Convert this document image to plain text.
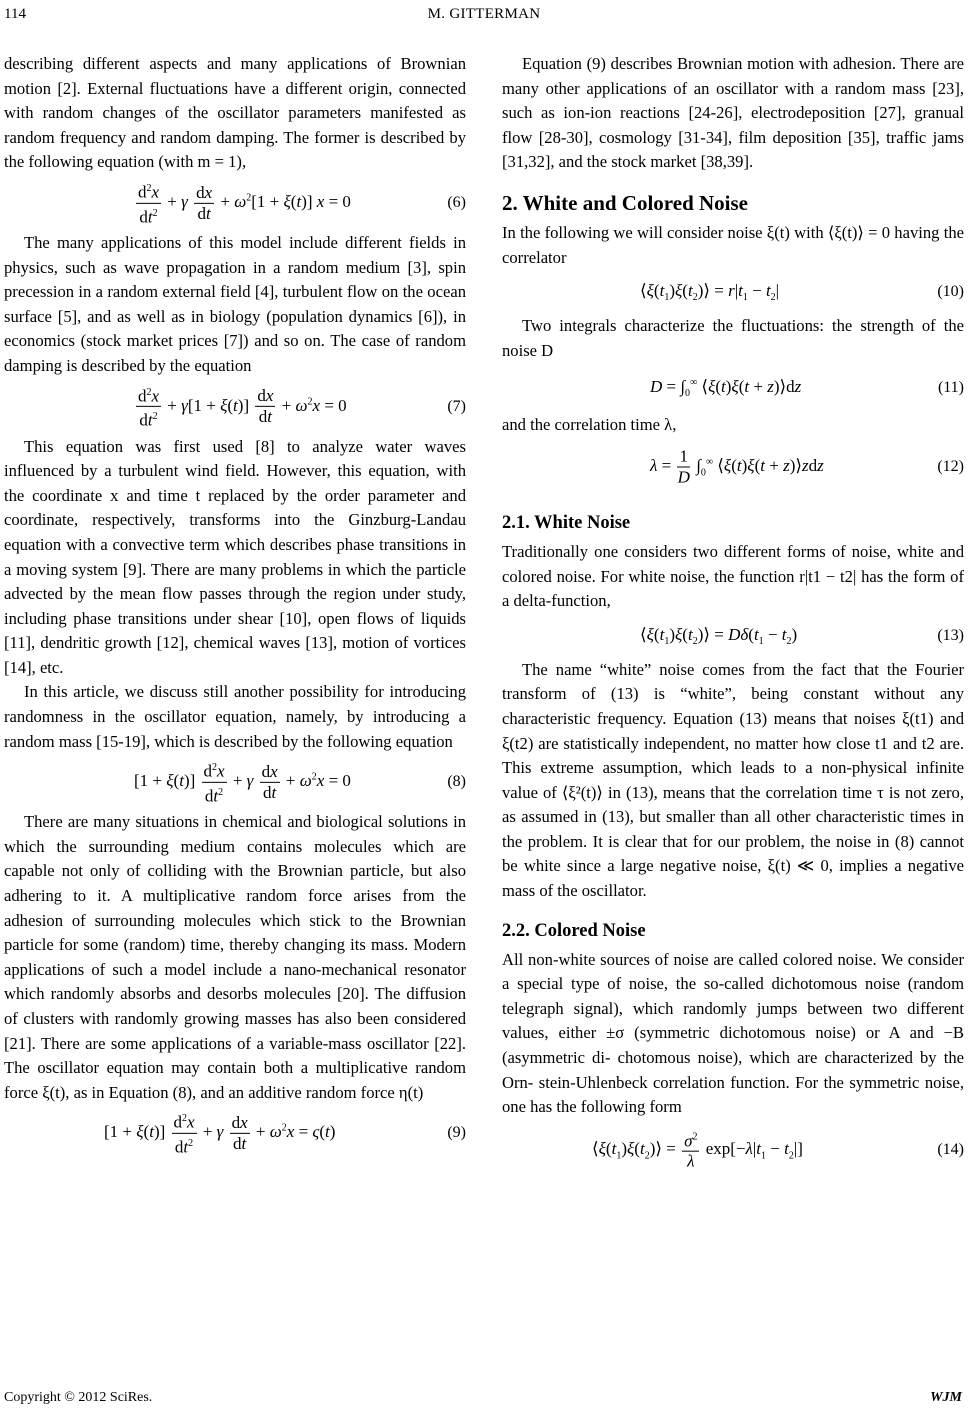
114	M. GITTERMAN

describing different aspects and many applications of Brownian motion [2]. External fluctuations have a different origin, connected with random changes of the oscillator parameters manifested as random frequency and random damping. The former is described by the following equation (with m = 1),

$\frac{d^2x}{dt^2} + \gamma \frac{dx}{dt} + \omega^2[1 + \xi(t)] x = 0$	(6)

The many applications of this model include different fields in physics, such as wave propagation in a random medium [3], spin precession in a random external field [4], turbulent flow on the ocean surface [5], and as well as in biology (population dynamics [6]), in economics (stock market prices [7]) and so on. The case of random damping is described by the equation

$\frac{d^2x}{dt^2} + \gamma[1 + \xi(t)] \frac{dx}{dt} + \omega^2x = 0$	(7)

This equation was first used [8] to analyze water waves influenced by a turbulent wind field. However, this equation, with the coordinate x and time t replaced by the order parameter and coordinate, respectively, transforms into the Ginzburg-Landau equation with a convective term which describes phase transitions in a moving system [9]. There are many problems in which the particle advected by the mean flow passes through the region under study, including phase transitions under shear [10], open flows of liquids [11], dendritic growth [12], chemical waves [13], motion of vortices [14], etc.

In this article, we discuss still another possibility for introducing randomness in the oscillator equation, namely, by introducing a random mass [15-19], which is described by the following equation

$[1 + \xi(t)] \frac{d^2x}{dt^2} + \gamma \frac{dx}{dt} + \omega^2x = 0$	(8)

There are many situations in chemical and biological solutions in which the surrounding medium contains molecules which are capable not only of colliding with the Brownian particle, but also adhering to it. A multiplicative random force arises from the adhesion of surrounding molecules which stick to the Brownian particle for some (random) time, thereby changing its mass. Modern applications of such a model include a nano-mechanical resonator which randomly absorbs and desorbs molecules [20]. The diffusion of clusters with randomly growing masses has also been considered [21]. There are some applications of a variable-mass oscillator [22]. The oscillator equation may contain both a multiplicative random force ξ(t), as in Equation (8), and an additive random force η(t)

$[1 + \xi(t)] \frac{d^2x}{dt^2} + \gamma \frac{dx}{dt} + \omega^2x = \varsigma(t)$	(9)

Equation (9) describes Brownian motion with adhesion. There are many other applications of an oscillator with a random mass [23], such as ion-ion reactions [24-26], electrodeposition [27], granual flow [28-30], cosmology [31-34], film deposition [35], traffic jams [31,32], and the stock market [38,39].

2. White and Colored Noise

In the following we will consider noise ξ(t) with ⟨ξ(t)⟩ = 0 having the correlator

$⟨\xi(t_1)\xi(t_2)⟩ = r|t_1 - t_2|$	(10)

Two integrals characterize the fluctuations: the strength of the noise D

$D = \int_0^\infty$ ⟨ξ(t)ξ(t + z)⟩dz	(11)

and the correlation time λ,

$\lambda = \frac{1}{D} \int_0^\infty$ ⟨ξ(t)ξ(t + z)⟩zdz	(12)
2.1. White Noise

Traditionally one considers two different forms of noise, white and colored noise. For white noise, the function r|t1 − t2| has the form of a delta-function,

$⟨\xi(t_1)\xi(t_2)⟩ = D\delta(t_1 - t_2)$	(13)

The name “white” noise comes from the fact that the Fourier transform of (13) is “white”, being constant without any characteristic frequency. Equation (13) means that noises ξ(t1) and ξ(t2) are statistically independent, no matter how close t1 and t2 are. This extreme assumption, which leads to a non-physical infinite value of ⟨ξ²(t)⟩ in (13), means that the correlation time τ is not zero, as assumed in (13), but smaller than all other characteristic times in the problem. It is clear that for our problem, the noise in (8) cannot be white since a large negative noise, ξ(t) ≪ 0, implies a negative mass of the oscillator.

2.2. Colored Noise

All non-white sources of noise are called colored noise. We consider a special type of noise, the so-called dichotomous noise (random telegraph signal), which randomly jumps between two different values, either ±σ (symmetric dichotomous noise) or A and −B (asymmetric di- chotomous noise), which are characterized by the Orn- stein-Uhlenbeck correlation function. For the symmetric noise, one has the following form

$⟨\xi(t_1)\xi(t_2)⟩ = \frac{\sigma^2}{\lambda} \exp[-\lambda|t_1 - t_2|]$	(14)
Copyright © 2012 SciRes.	WJM
